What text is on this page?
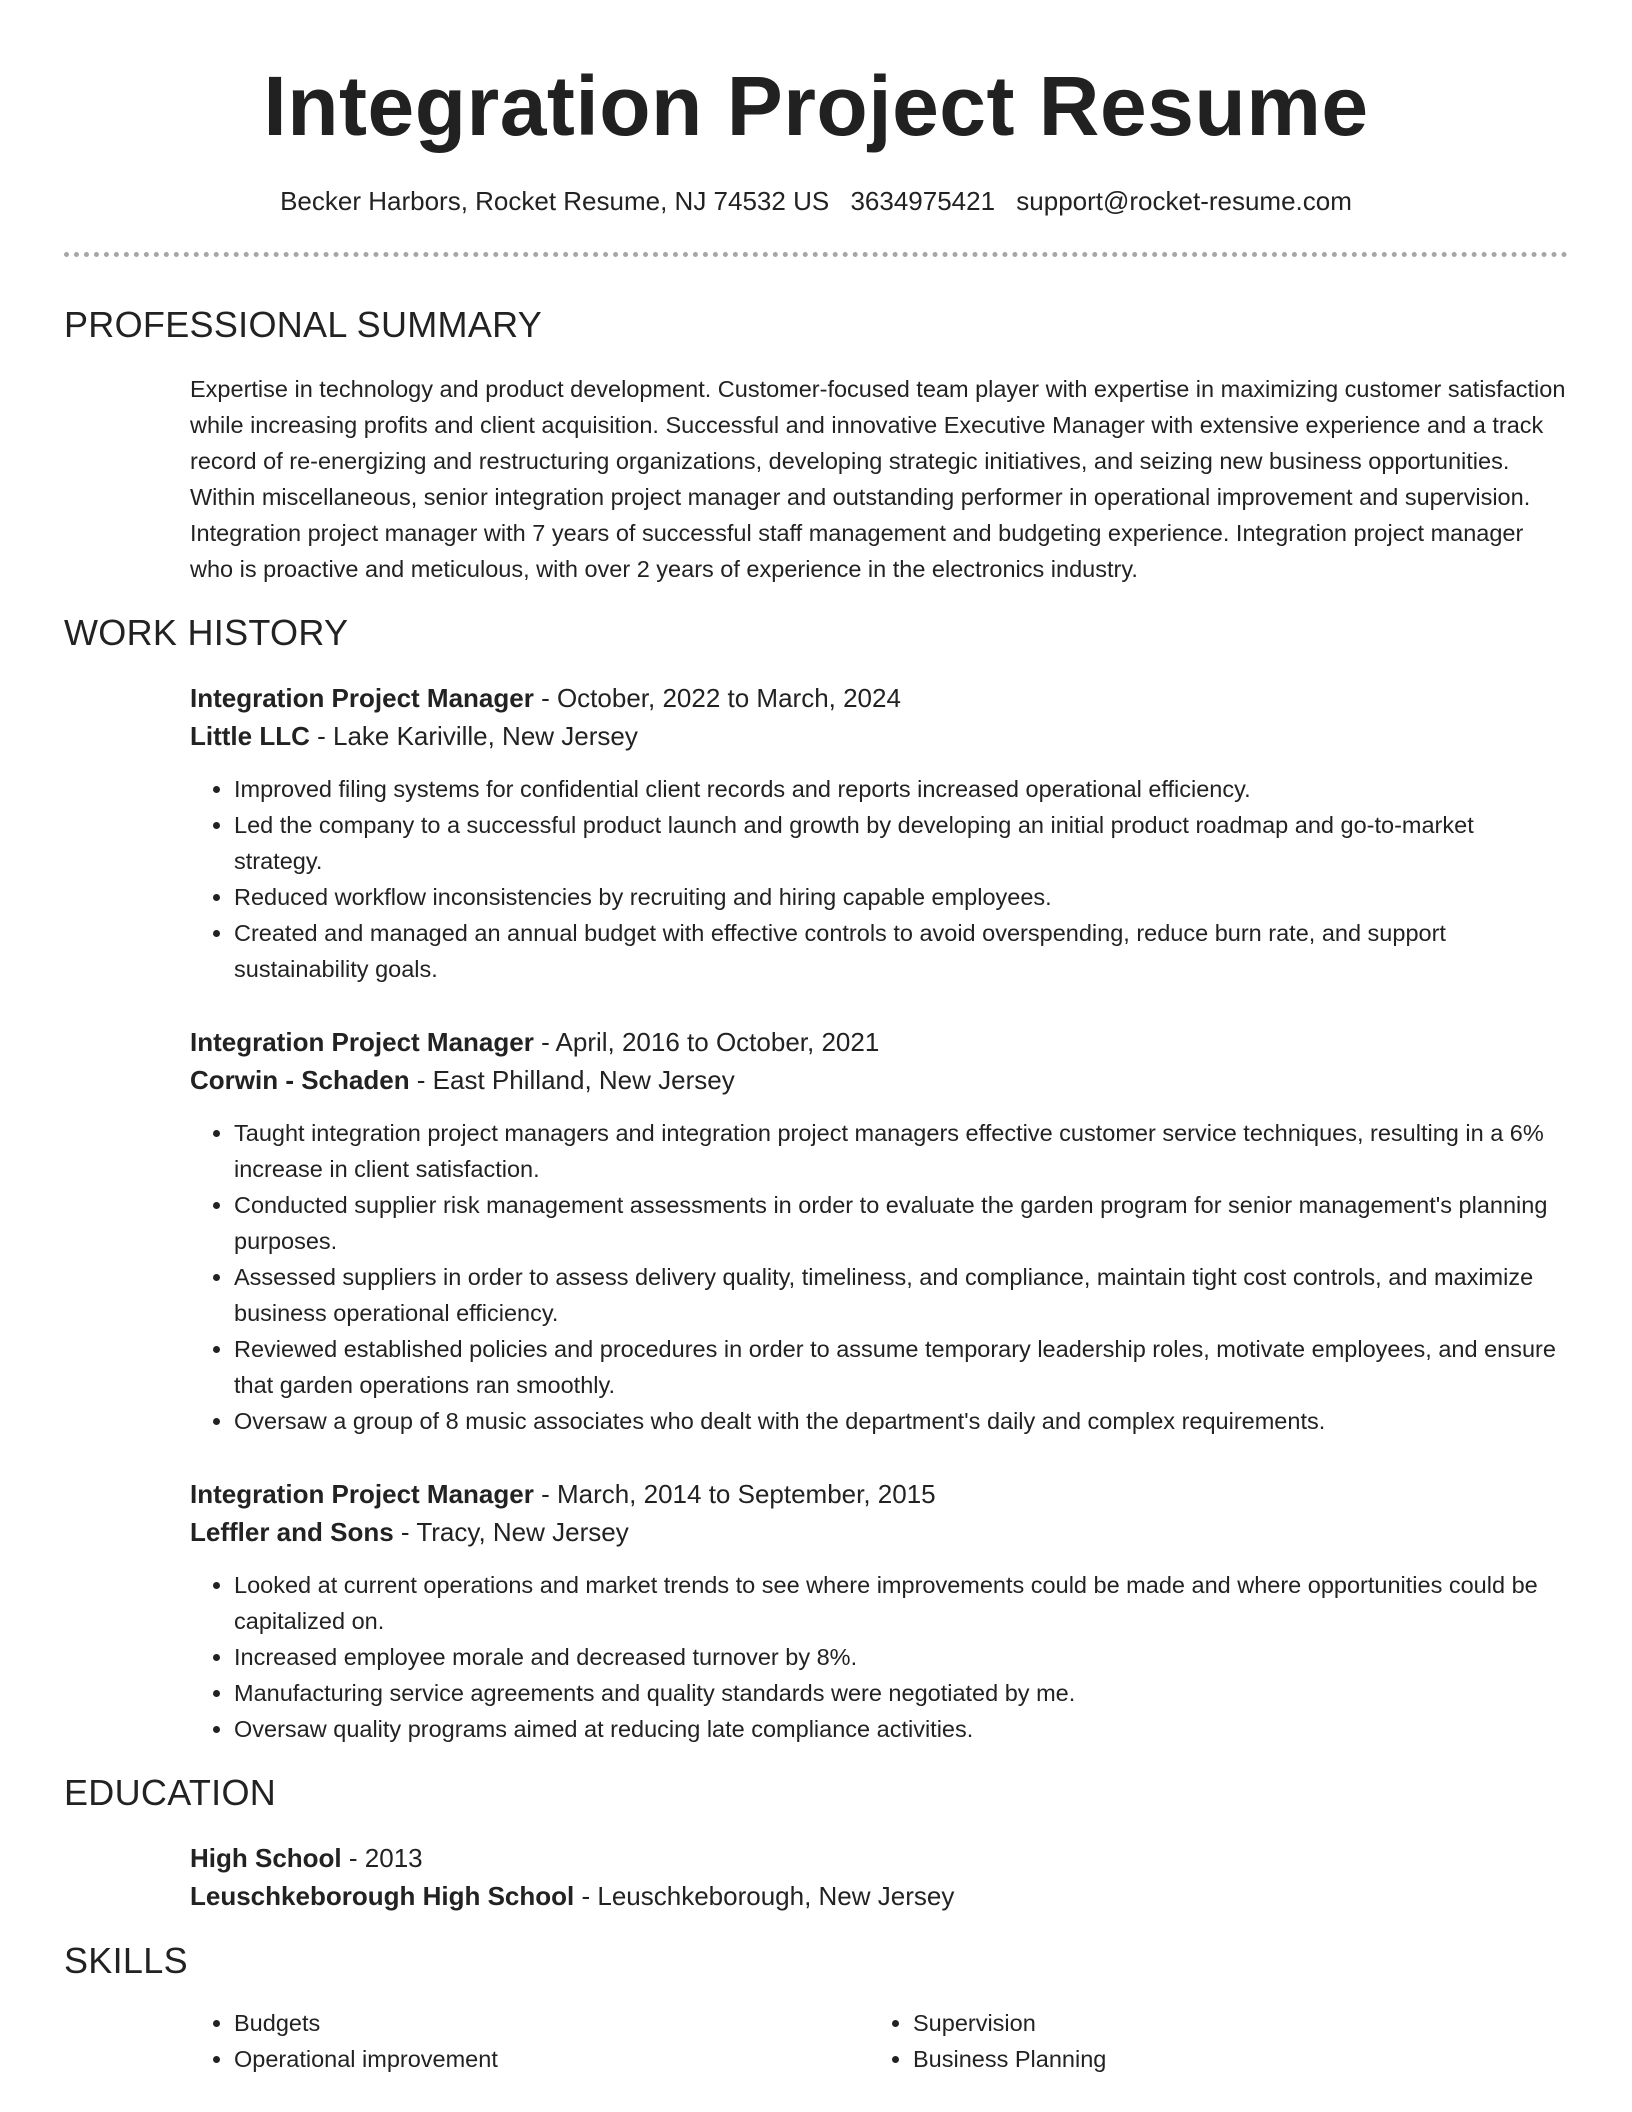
Integration Project Resume
Becker Harbors, Rocket Resume, NJ 74532 US 3634975421 support@rocket-resume.com
PROFESSIONAL SUMMARY

Expertise in technology and product development. Customer-focused team player with expertise in maximizing customer satisfaction while increasing profits and client acquisition. Successful and innovative Executive Manager with extensive experience and a track record of re-energizing and restructuring organizations, developing strategic initiatives, and seizing new business opportunities. Within miscellaneous, senior integration project manager and outstanding performer in operational improvement and supervision. Integration project manager with 7 years of successful staff management and budgeting experience. Integration project manager who is proactive and meticulous, with over 2 years of experience in the electronics industry.

WORK HISTORY
Integration Project Manager - October, 2022 to March, 2024
Little LLC - Lake Kariville, New Jersey
• Improved filing systems for confidential client records and reports increased operational efficiency.
• Led the company to a successful product launch and growth by developing an initial product roadmap and go-to-market strategy.
• Reduced workflow inconsistencies by recruiting and hiring capable employees.
• Created and managed an annual budget with effective controls to avoid overspending, reduce burn rate, and support sustainability goals.
Integration Project Manager - April, 2016 to October, 2021
Corwin - Schaden - East Philland, New Jersey
• Taught integration project managers and integration project managers effective customer service techniques, resulting in a 6% increase in client satisfaction.
• Conducted supplier risk management assessments in order to evaluate the garden program for senior management's planning purposes.
• Assessed suppliers in order to assess delivery quality, timeliness, and compliance, maintain tight cost controls, and maximize business operational efficiency.
• Reviewed established policies and procedures in order to assume temporary leadership roles, motivate employees, and ensure that garden operations ran smoothly.
• Oversaw a group of 8 music associates who dealt with the department's daily and complex requirements.
Integration Project Manager - March, 2014 to September, 2015
Leffler and Sons - Tracy, New Jersey
• Looked at current operations and market trends to see where improvements could be made and where opportunities could be capitalized on.
• Increased employee morale and decreased turnover by 8%.
• Manufacturing service agreements and quality standards were negotiated by me.
• Oversaw quality programs aimed at reducing late compliance activities.
EDUCATION
High School - 2013
Leuschkeborough High School - Leuschkeborough, New Jersey
SKILLS
• Budgets
• Operational improvement
• Supervision
• Business Planning
